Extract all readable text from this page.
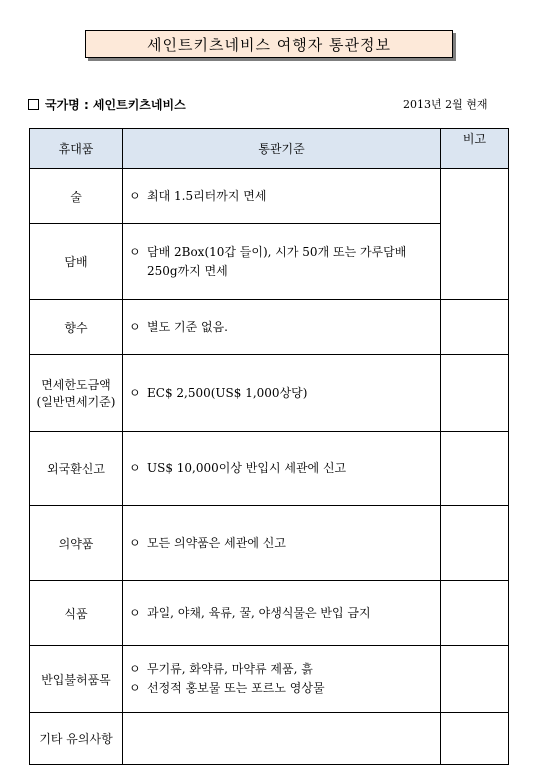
세인트키츠네비스 여행자 통관정보
국가명 : 세인트키츠네비스	2013년 2월 현재
휴대품	통관기준	비고
술	ㅇ 최대 1.5리터까지 면세	
담배	ㅇ 담배 2Box(10갑 들이), 시가 50개 또는 가루담배
250g까지 면세	

향수	ㅇ 별도 기준 없음.	

면세한도금액
(일반면세기준)	ㅇ EC$ 2,500(US$ 1,000상당)	
외국환신고	ㅇ US$ 10,000이상 반입시 세관에 신고	
의약품	ㅇ 모든 의약품은 세관에 신고	
식품	ㅇ 과일, 야채, 육류, 꿀, 야생식물은 반입 금지	
반입불허품목	ㅇ 무기류, 화약류, 마약류 제품, 흙
ㅇ 선정적 홍보물 또는 포르노 영상물	

기타 유의사항		
